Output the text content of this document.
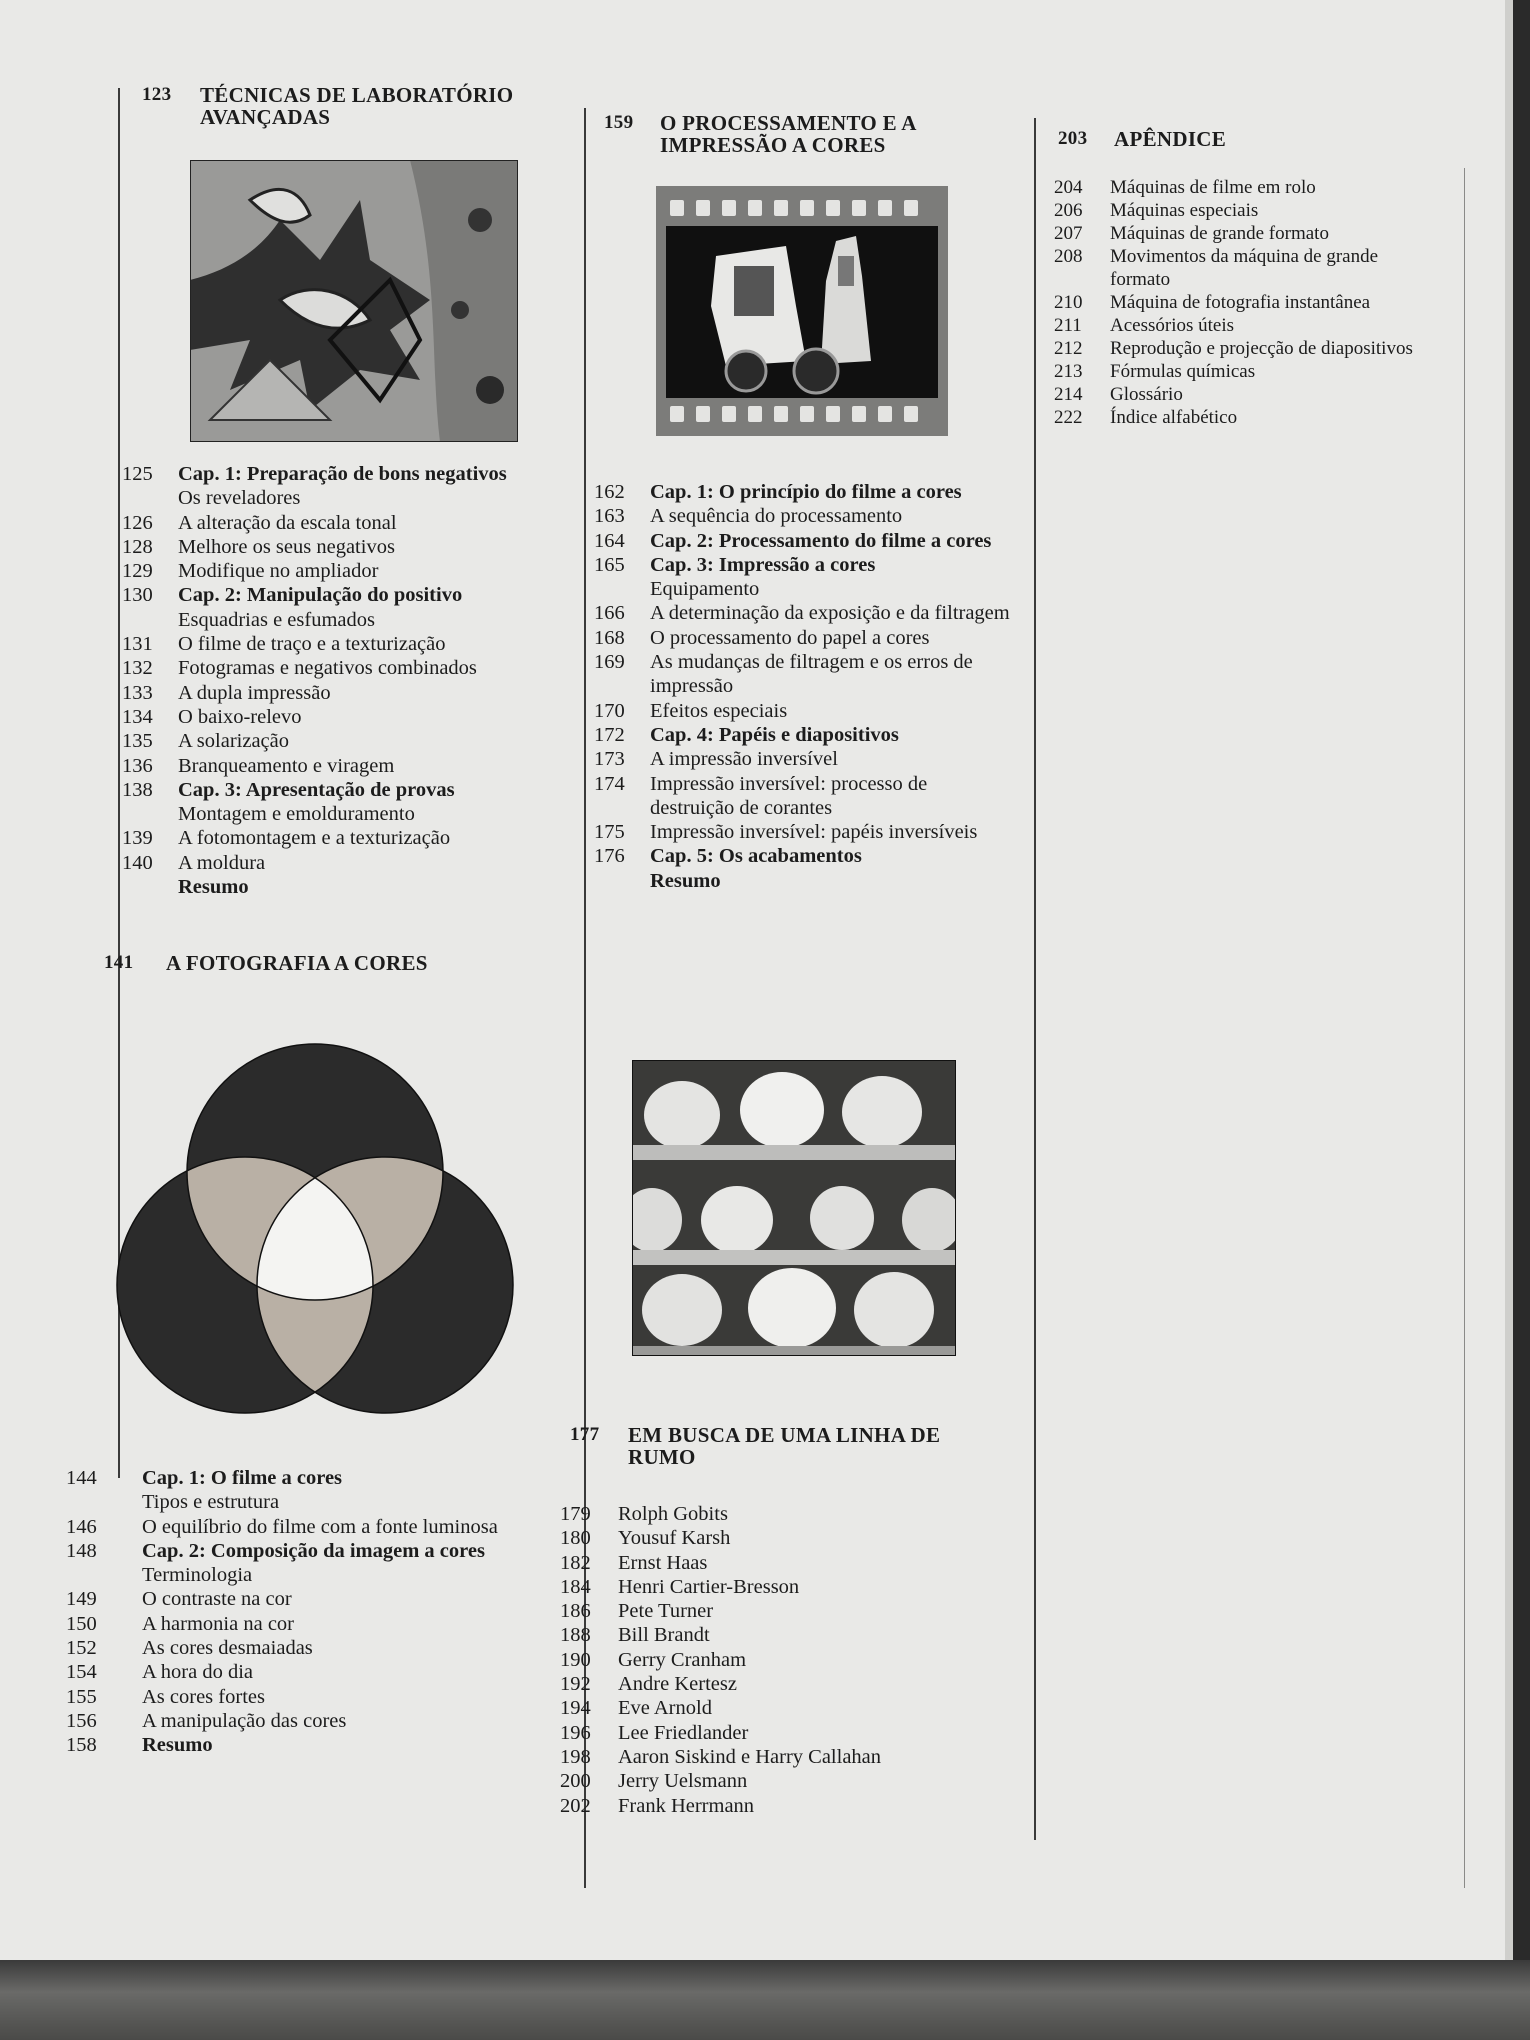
123	TÉCNICAS DE LABORATÓRIO AVANÇADAS
125	Cap. 1: Preparação de bons negativos
Os reveladores
126	A alteração da escala tonal
128	Melhore os seus negativos
129	Modifique no ampliador
130	Cap. 2: Manipulação do positivo
Esquadrias e esfumados
131	O filme de traço e a texturização
132	Fotogramas e negativos combinados
133	A dupla impressão
134	O baixo-relevo
135	A solarização
136	Branqueamento e viragem
138	Cap. 3: Apresentação de provas
Montagem e emolduramento
139	A fotomontagem e a texturização
140	A moldura
Resumo
141	A FOTOGRAFIA A CORES
144	Cap. 1: O filme a cores
Tipos e estrutura
146	O equilíbrio do filme com a fonte luminosa
148	Cap. 2: Composição da imagem a cores
Terminologia
149	O contraste na cor
150	A harmonia na cor
152	As cores desmaiadas
154	A hora do dia
155	As cores fortes
156	A manipulação das cores
158	Resumo
159	O PROCESSAMENTO E A IMPRESSÃO A CORES
162	Cap. 1: O princípio do filme a cores
163	A sequência do processamento
164	Cap. 2: Processamento do filme a cores
165	Cap. 3: Impressão a cores
Equipamento
166	A determinação da exposição e da filtragem
168	O processamento do papel a cores
169	As mudanças de filtragem e os erros de impressão
170	Efeitos especiais
172	Cap. 4: Papéis e diapositivos
173	A impressão inversível
174	Impressão inversível: processo de destruição de corantes
175	Impressão inversível: papéis inversíveis
176	Cap. 5: Os acabamentos
Resumo
177	EM BUSCA DE UMA LINHA DE RUMO
179	Rolph Gobits
180	Yousuf Karsh
182	Ernst Haas
184	Henri Cartier-Bresson
186	Pete Turner
188	Bill Brandt
190	Gerry Cranham
192	Andre Kertesz
194	Eve Arnold
196	Lee Friedlander
198	Aaron Siskind e Harry Callahan
200	Jerry Uelsmann
202	Frank Herrmann
203	APÊNDICE
204	Máquinas de filme em rolo
206	Máquinas especiais
207	Máquinas de grande formato
208	Movimentos da máquina de grande formato
210	Máquina de fotografia instantânea
211	Acessórios úteis
212	Reprodução e projecção de diapositivos
213	Fórmulas químicas
214	Glossário
222	Índice alfabético
